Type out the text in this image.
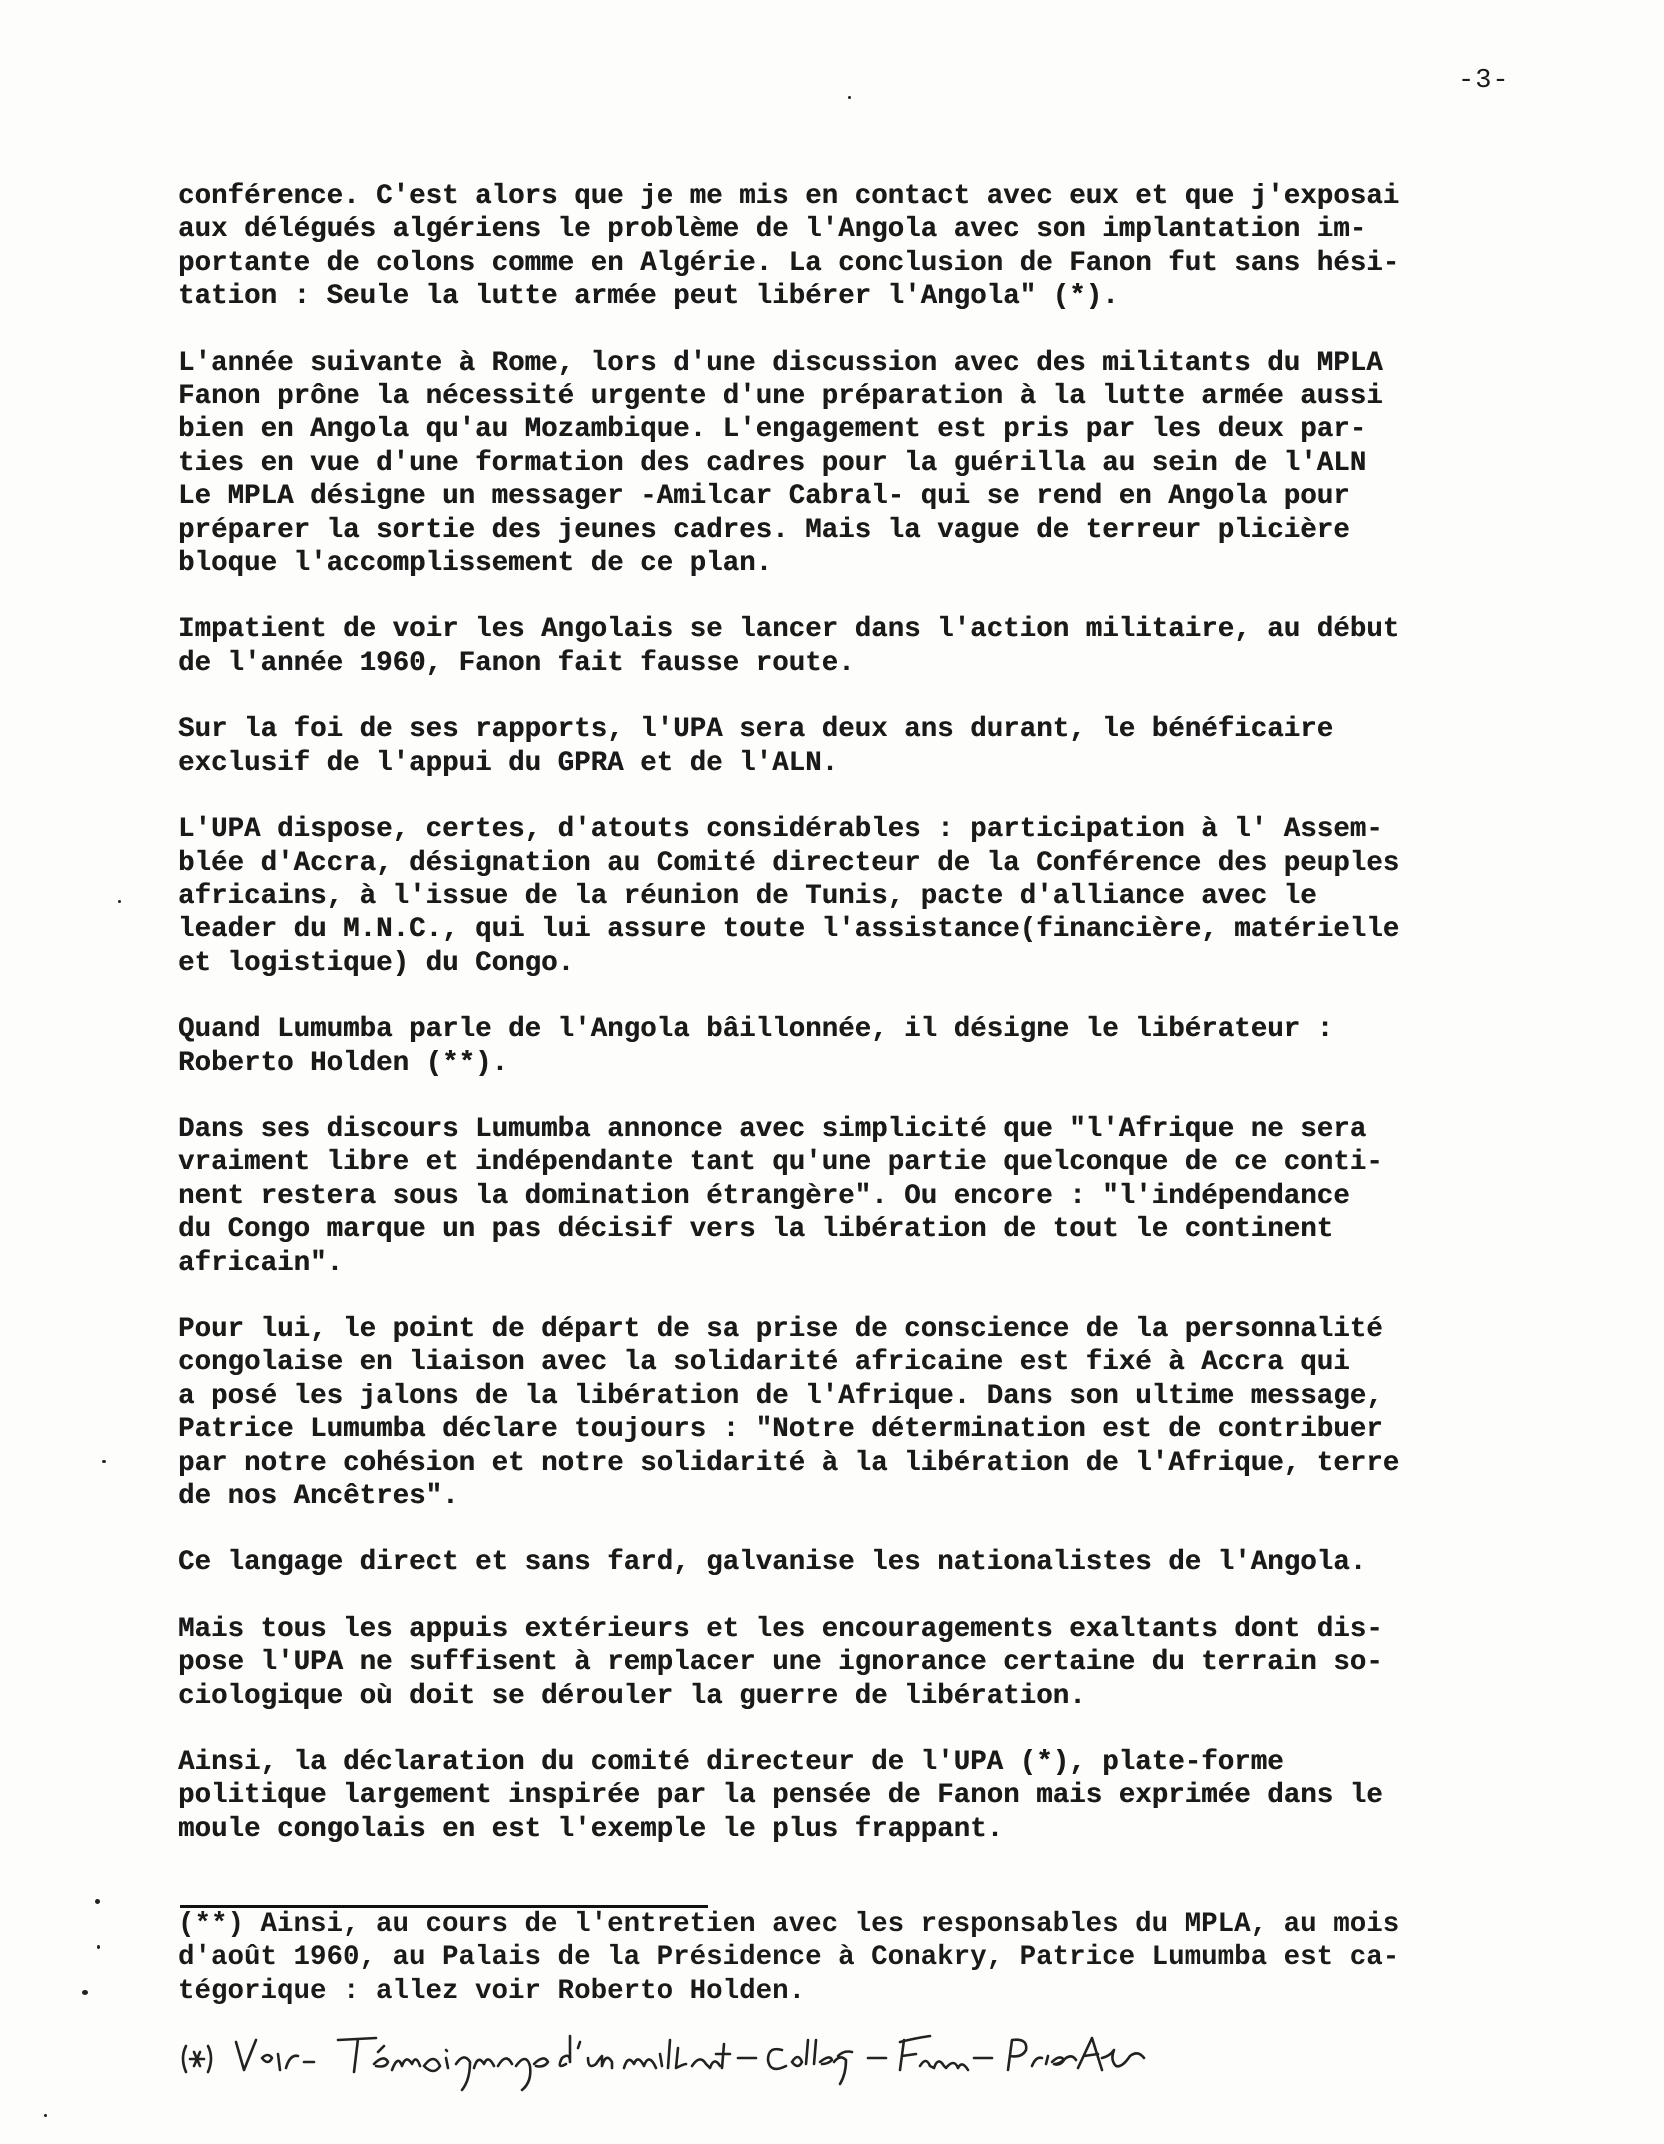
-3-

conférence. C'est alors que je me mis en contact avec eux et que j'exposai
aux délégués algériens le problème de l'Angola avec son implantation im-
portante de colons comme en Algérie. La conclusion de Fanon fut sans hési-
tation : Seule la lutte armée peut libérer l'Angola" (*).

L'année suivante à Rome, lors d'une discussion avec des militants du MPLA
Fanon prône la nécessité urgente d'une préparation à la lutte armée aussi
bien en Angola qu'au Mozambique. L'engagement est pris par les deux par-
ties en vue d'une formation des cadres pour la guérilla au sein de l'ALN
Le MPLA désigne un messager -Amilcar Cabral- qui se rend en Angola pour
préparer la sortie des jeunes cadres. Mais la vague de terreur plicière
bloque l'accomplissement de ce plan.

Impatient de voir les Angolais se lancer dans l'action militaire, au début
de l'année 1960, Fanon fait fausse route.

Sur la foi de ses rapports, l'UPA sera deux ans durant, le bénéficaire
exclusif de l'appui du GPRA et de l'ALN.

L'UPA dispose, certes, d'atouts considérables : participation à l' Assem-
blée d'Accra, désignation au Comité directeur de la Conférence des peuples
africains, à l'issue de la réunion de Tunis, pacte d'alliance avec le
leader du M.N.C., qui lui assure toute l'assistance(financière, matérielle
et logistique) du Congo.

Quand Lumumba parle de l'Angola bâillonnée, il désigne le libérateur :
Roberto Holden (**).

Dans ses discours Lumumba annonce avec simplicité que "l'Afrique ne sera
vraiment libre et indépendante tant qu'une partie quelconque de ce conti-
nent restera sous la domination étrangère". Ou encore : "l'indépendance
du Congo marque un pas décisif vers la libération de tout le continent
africain".

Pour lui, le point de départ de sa prise de conscience de la personnalité
congolaise en liaison avec la solidarité africaine est fixé à Accra qui
a posé les jalons de la libération de l'Afrique. Dans son ultime message,
Patrice Lumumba déclare toujours : "Notre détermination est de contribuer
par notre cohésion et notre solidarité à la libération de l'Afrique, terre
de nos Ancêtres".

Ce langage direct et sans fard, galvanise les nationalistes de l'Angola.

Mais tous les appuis extérieurs et les encouragements exaltants dont dis-
pose l'UPA ne suffisent à remplacer une ignorance certaine du terrain so-
ciologique où doit se dérouler la guerre de libération.

Ainsi, la déclaration du comité directeur de l'UPA (*), plate-forme
politique largement inspirée par la pensée de Fanon mais exprimée dans le
moule congolais en est l'exemple le plus frappant.

(**) Ainsi, au cours de l'entretien avec les responsables du MPLA, au mois
d'août 1960, au Palais de la Présidence à Conakry, Patrice Lumumba est ca-
tégorique : allez voir Roberto Holden.
